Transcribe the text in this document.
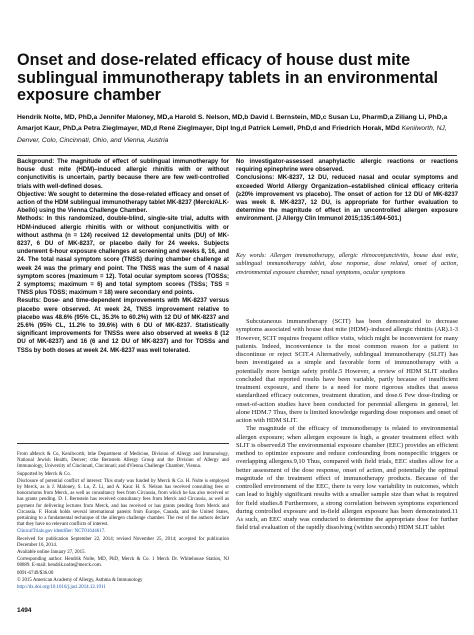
Onset and dose-related efficacy of house dust mite sublingual immunotherapy tablets in an environmental exposure chamber
Hendrik Nolte, MD, PhD,a Jennifer Maloney, MD,a Harold S. Nelson, MD,b David I. Bernstein, MD,c Susan Lu, PharmD,a Ziliang Li, PhD,a Amarjot Kaur, PhD,a Petra Zieglmayer, MD,d René Zieglmayer, Dipl Ing,d Patrick Lemell, PhD,d and Friedrich Horak, MDd Kenilworth, NJ, Denver, Colo, Cincinnati, Ohio, and Vienna, Austria

Background: The magnitude of effect of sublingual immunotherapy for house dust mite (HDM)–induced allergic rhinitis with or without conjunctivitis is uncertain, partly because there are few well-controlled trials with well-defined doses.

Objective: We sought to determine the dose-related efficacy and onset of action of the HDM sublingual immunotherapy tablet MK-8237 (Merck/ALK-Abelló) using the Vienna Challenge Chamber.

Methods: In this randomized, double-blind, single-site trial, adults with HDM-induced allergic rhinitis with or without conjunctivitis with or without asthma (n = 124) received 12 developmental units (DU) of MK-8237, 6 DU of MK-8237, or placebo daily for 24 weeks. Subjects underwent 6-hour exposure challenges at screening and weeks 8, 16, and 24. The total nasal symptom score (TNSS) during chamber challenge at week 24 was the primary end point. The TNSS was the sum of 4 nasal symptom scores (maximum = 12). Total ocular symptom scores (TOSSs; 2 symptoms; maximum = 6) and total symptom scores (TSSs; TSS = TNSS plus TOSS; maximum = 18) were secondary end points.

Results: Dose- and time-dependent improvements with MK-8237 versus placebo were observed. At week 24, TNSS improvement relative to placebo was 48.6% (95% CL, 35.3% to 60.2%) with 12 DU of MK-8237 and 25.6% (95% CL, 11.2% to 39.6%) with 6 DU of MK-8237. Statistically significant improvements for TNSSs were also observed at weeks 8 (12 DU of MK-8237) and 16 (6 and 12 DU of MK-8237) and for TOSSs and TSSs by both doses at week 24. MK-8237 was well tolerated.

No investigator-assessed anaphylactic allergic reactions or reactions requiring epinephrine were observed.

Conclusions: MK-8237, 12 DU, reduced nasal and ocular symptoms and exceeded World Allergy Organization–established clinical efficacy criteria (≥20% improvement vs placebo). The onset of action for 12 DU of MK-8237 was week 8. MK-8237, 12 DU, is appropriate for further evaluation to determine the magnitude of effect in an uncontrolled allergen exposure environment. (J Allergy Clin Immunol 2015;135:1494-501.)

Key words: Allergen immunotherapy, allergic rhinoconjunctivitis, house dust mite, sublingual immunotherapy tablet, dose response, dose related, onset of action, environmental exposure chamber, nasal symptoms, ocular symptoms

Subcutaneous immunotherapy (SCIT) has been demonstrated to decrease symptoms associated with house dust mite (HDM)–induced allergic rhinitis (AR).1-3 However, SCIT requires frequent office visits, which might be inconvenient for many patients. Indeed, inconvenience is the most common reason for a patient to discontinue or reject SCIT.4 Alternatively, sublingual immunotherapy (SLIT) has been investigated as a simple and favorable form of immunotherapy with a potentially more benign safety profile.5 However, a review of HDM SLIT studies concluded that reported results have been variable, partly because of insufficient treatment exposure, and there is a need for more rigorous studies that assess standardized efficacy outcomes, treatment duration, and dose.6 Few dose-finding or onset-of-action studies have been conducted for perennial allergens in general, let alone HDM.7 Thus, there is limited knowledge regarding dose responses and onset of action with HDM SLIT.

The magnitude of the efficacy of immunotherapy is related to environmental allergen exposure; when allergen exposure is high, a greater treatment effect with SLIT is observed.8 The environmental exposure chamber (EEC) provides an efficient method to optimize exposure and reduce confounding from nonspecific triggers or overlapping allergens.9,10 Thus, compared with field trials, EEC studies allow for a better assessment of the dose response, onset of action, and potentially the optimal magnitude of the treatment effect of immunotherapy products. Because of the controlled environment of the EEC, there is very low variability in outcomes, which can lead to highly significant results with a smaller sample size than what is required for field studies.8 Furthermore, a strong correlation between symptoms experienced during controlled exposure and in-field allergen exposure has been demonstrated.11 As such, an EEC study was conducted to determine the appropriate dose for further field trial evaluation of the rapidly dissolving (within seconds) HDM SLIT tablet

From aMerck & Co, Kenilworth; bthe Department of Medicine, Division of Allergy and Immunology, National Jewish Health, Denver; cthe Bernstein Allergy Group and the Division of Allergy and Immunology, University of Cincinnati, Cincinnati; and dVienna Challenge Chamber, Vienna.

Supported by Merck & Co.

Disclosure of potential conflict of interest: This study was funded by Merck & Co. H. Nolte is employed by Merck, as is J. Maloney, S. Lu, Z. Li, and A. Kaur. H. S. Nelson has received consulting fees or honorariums from Merck, as well as consultancy fees from Circassia, from which he has also received or has grants pending. D. I. Bernstein has received consultancy fees from Merck and Circassia, as well as payment for delivering lectures from Merck, and has received or has grants pending from Merck and Circassia. F. Horak holds several international patents from Europe, Canada, and the United States, pertaining to a fundamental technique of the allergen challenge chamber. The rest of the authors declare that they have no relevant conflicts of interest.

ClinicalTrials.gov identifier: NCT01644617.

Received for publication September 22, 2014; revised November 25, 2014; accepted for publication December 16, 2014.

Available online January 27, 2015.

Corresponding author: Hendrik Nolte, MD, PhD, Merck & Co. 1 Merck Dr. Whitehouse Station, NJ 08889. E-mail: hendrik.nolte@merck.com.

0091-6749/$36.00

© 2015 American Academy of Allergy, Asthma & Immunology

http://dx.doi.org/10.1016/j.jaci.2014.12.1911

1494
